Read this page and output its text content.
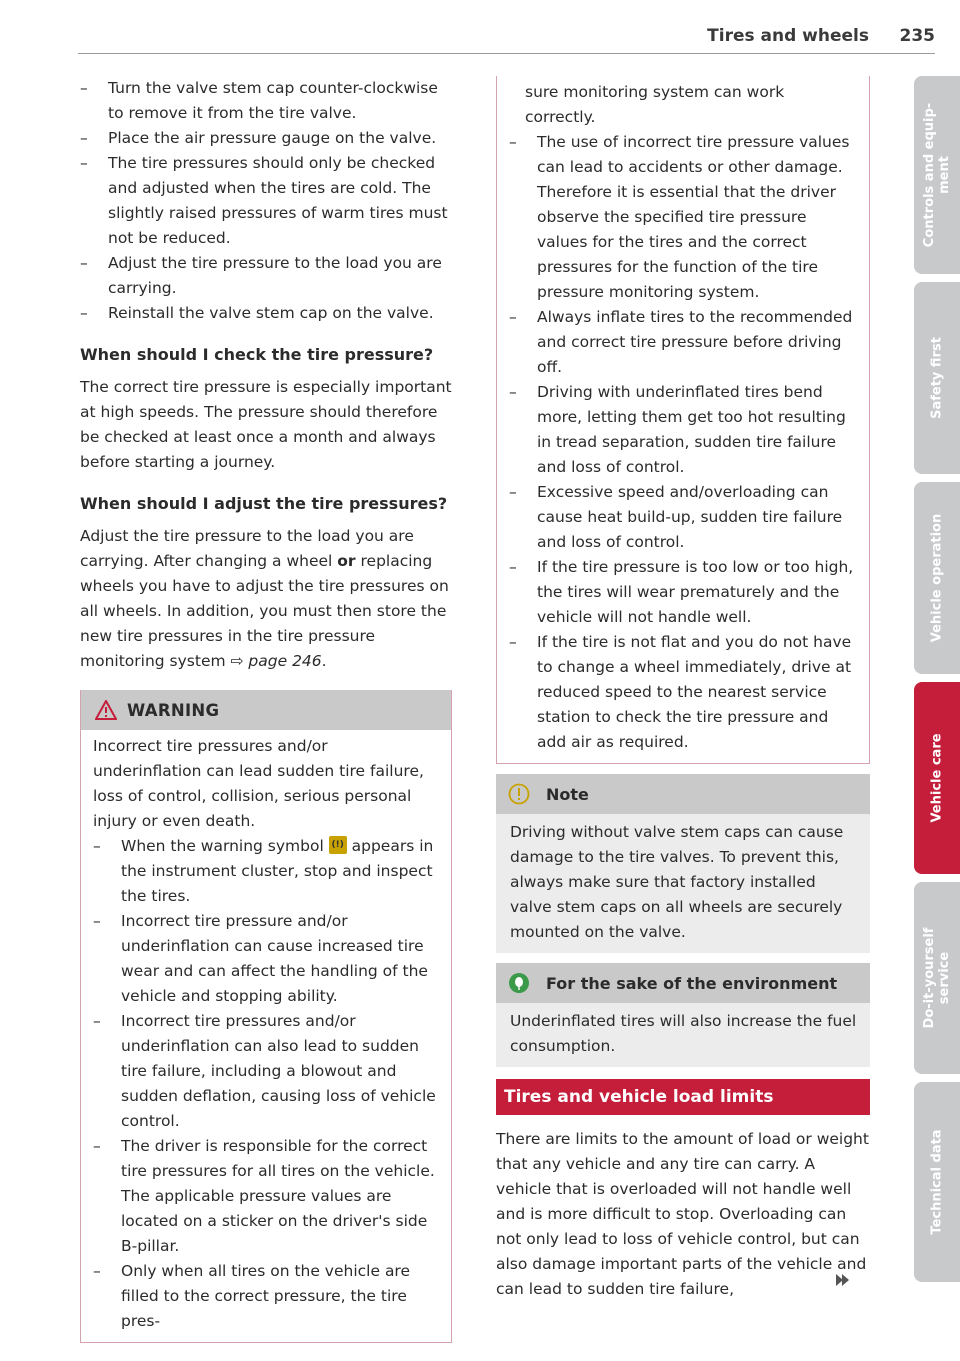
Tires and wheels 235
– Turn the valve stem cap counter-clockwise to remove it from the tire valve.
– Place the air pressure gauge on the valve.
– The tire pressures should only be checked and adjusted when the tires are cold. The slightly raised pressures of warm tires must not be reduced.
– Adjust the tire pressure to the load you are carrying.
– Reinstall the valve stem cap on the valve.
When should I check the tire pressure?

The correct tire pressure is especially important at high speeds. The pressure should therefore be checked at least once a month and always before starting a journey.

When should I adjust the tire pressures?

Adjust the tire pressure to the load you are carrying. After changing a wheel or replacing wheels you have to adjust the tire pressures on all wheels. In addition, you must then store the new tire pressures in the tire pressure monitoring system ⇨ page 246.

WARNING

Incorrect tire pressures and/or underinflation can lead sudden tire failure, loss of control, collision, serious personal injury or even death.

– When the warning symbol (!) appears in the instrument cluster, stop and inspect the tires.
– Incorrect tire pressure and/or underinflation can cause increased tire wear and can affect the handling of the vehicle and stopping ability.
– Incorrect tire pressures and/or underinflation can also lead to sudden tire failure, including a blowout and sudden deflation, causing loss of vehicle control.
– The driver is responsible for the correct tire pressures for all tires on the vehicle. The applicable pressure values are located on a sticker on the driver's side B-pillar.
– Only when all tires on the vehicle are filled to the correct pressure, the tire pres-

sure monitoring system can work correctly.

– The use of incorrect tire pressure values can lead to accidents or other damage. Therefore it is essential that the driver observe the specified tire pressure values for the tires and the correct pressures for the function of the tire pressure monitoring system.
– Always inflate tires to the recommended and correct tire pressure before driving off.
– Driving with underinflated tires bend more, letting them get too hot resulting in tread separation, sudden tire failure and loss of control.
– Excessive speed and/overloading can cause heat build-up, sudden tire failure and loss of control.
– If the tire pressure is too low or too high, the tires will wear prematurely and the vehicle will not handle well.
– If the tire is not flat and you do not have to change a wheel immediately, drive at reduced speed to the nearest service station to check the tire pressure and add air as required.
Note
Driving without valve stem caps can cause damage to the tire valves. To prevent this, always make sure that factory installed valve stem caps on all wheels are securely mounted on the valve.
For the sake of the environment
Underinflated tires will also increase the fuel consumption.
Tires and vehicle load limits

There are limits to the amount of load or weight that any vehicle and any tire can carry. A vehicle that is overloaded will not handle well and is more difficult to stop. Overloading can not only lead to loss of vehicle control, but can also damage important parts of the vehicle and can lead to sudden tire failure,

Controls and equip-
ment
Safety first
Vehicle operation
Vehicle care
Do-it-yourself
service
Technical data
